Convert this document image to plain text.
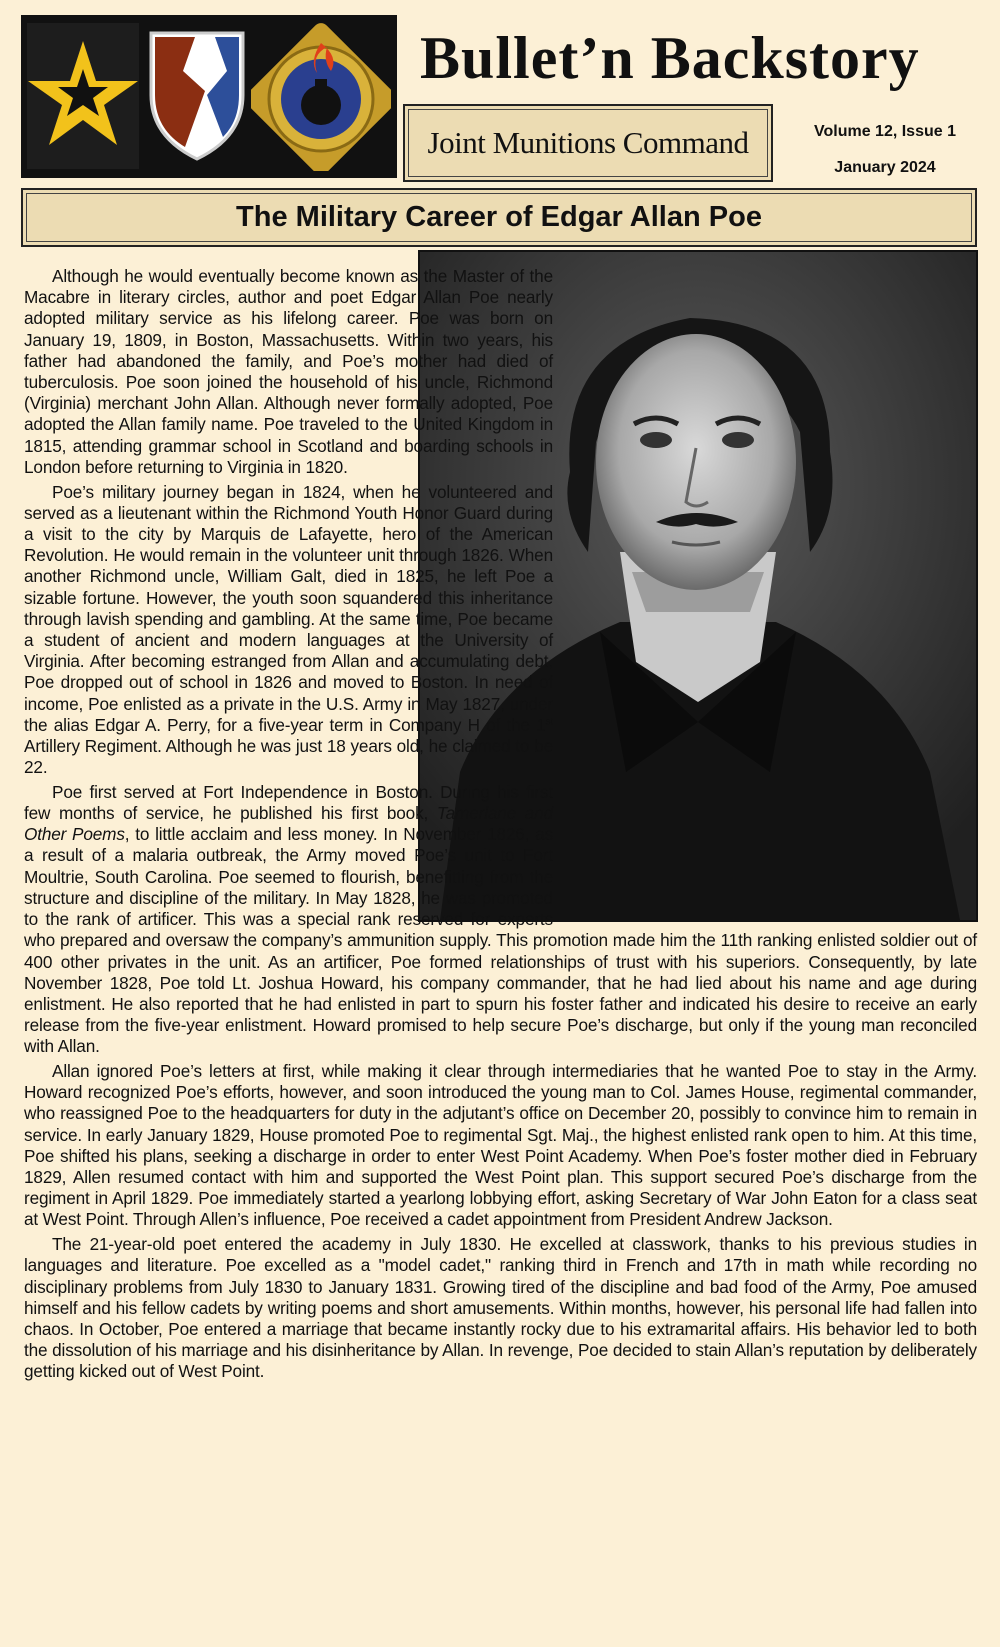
Bullet’n Backstory
Joint Munitions Command	Volume 12, Issue 1
January 2024
The Military Career of Edgar Allan Poe

Although he would eventually become known as the Master of the Macabre in literary circles, author and poet Edgar Allan Poe nearly adopted military service as his lifelong career. Poe was born on January 19, 1809, in Boston, Massachusetts. Within two years, his father had abandoned the family, and Poe’s mother had died of tuberculosis. Poe soon joined the household of his uncle, Richmond (Virginia) merchant John Allan. Although never formally adopted, Poe adopted the Allan family name. Poe traveled to the United Kingdom in 1815, attending grammar school in Scotland and boarding schools in London before returning to Virginia in 1820.

Poe’s military journey began in 1824, when he volunteered and served as a lieutenant within the Richmond Youth Honor Guard during a visit to the city by Marquis de Lafayette, hero of the American Revolution. He would remain in the volunteer unit through 1826. When another Richmond uncle, William Galt, died in 1825, he left Poe a sizable fortune. However, the youth soon squandered this inheritance through lavish spending and gambling. At the same time, Poe became a student of ancient and modern languages at the University of Virginia. After becoming estranged from Allan and accumulating debt, Poe dropped out of school in 1826 and moved to Boston. In need of income, Poe enlisted as a private in the U.S. Army in May 1827, under the alias Edgar A. Perry, for a five-year term in Company H of the 1st Artillery Regiment. Although he was just 18 years old, he claimed to be 22.

Poe first served at Fort Independence in Boston. During his first few months of service, he published his first book, Tamerlane and Other Poems, to little acclaim and less money. In November 1826, as a result of a malaria outbreak, the Army moved Poe’s unit to Fort Moultrie, South Carolina. Poe seemed to flourish, benefitting from the structure and discipline of the military. In May 1828, he was promoted to the rank of artificer. This was a special rank reserved for experts who prepared and oversaw the company’s ammunition supply. This promotion made him the 11th ranking enlisted soldier out of 400 other privates in the unit. As an artificer, Poe formed relationships of trust with his superiors. Consequently, by late November 1828, Poe told Lt. Joshua Howard, his company commander, that he had lied about his name and age during enlistment. He also reported that he had enlisted in part to spurn his foster father and indicated his desire to receive an early release from the five-year enlistment. Howard promised to help secure Poe’s discharge, but only if the young man reconciled with Allan.

Allan ignored Poe’s letters at first, while making it clear through intermediaries that he wanted Poe to stay in the Army. Howard recognized Poe’s efforts, however, and soon introduced the young man to Col. James House, regimental commander, who reassigned Poe to the headquarters for duty in the adjutant’s office on December 20, possibly to convince him to remain in service. In early January 1829, House promoted Poe to regimental Sgt. Maj., the highest enlisted rank open to him. At this time, Poe shifted his plans, seeking a discharge in order to enter West Point Academy. When Poe’s foster mother died in February 1829, Allen resumed contact with him and supported the West Point plan. This support secured Poe’s discharge from the regiment in April 1829. Poe immediately started a yearlong lobbying effort, asking Secretary of War John Eaton for a class seat at West Point. Through Allen’s influence, Poe received a cadet appointment from President Andrew Jackson.

The 21-year-old poet entered the academy in July 1830. He excelled at classwork, thanks to his previous studies in languages and literature. Poe excelled as a "model cadet," ranking third in French and 17th in math while recording no disciplinary problems from July 1830 to January 1831. Growing tired of the discipline and bad food of the Army, Poe amused himself and his fellow cadets by writing poems and short amusements. Within months, however, his personal life had fallen into chaos. In October, Poe entered a marriage that became instantly rocky due to his extramarital affairs. His behavior led to both the dissolution of his marriage and his disinheritance by Allan. In revenge, Poe decided to stain Allan’s reputation by deliberately getting kicked out of West Point.
